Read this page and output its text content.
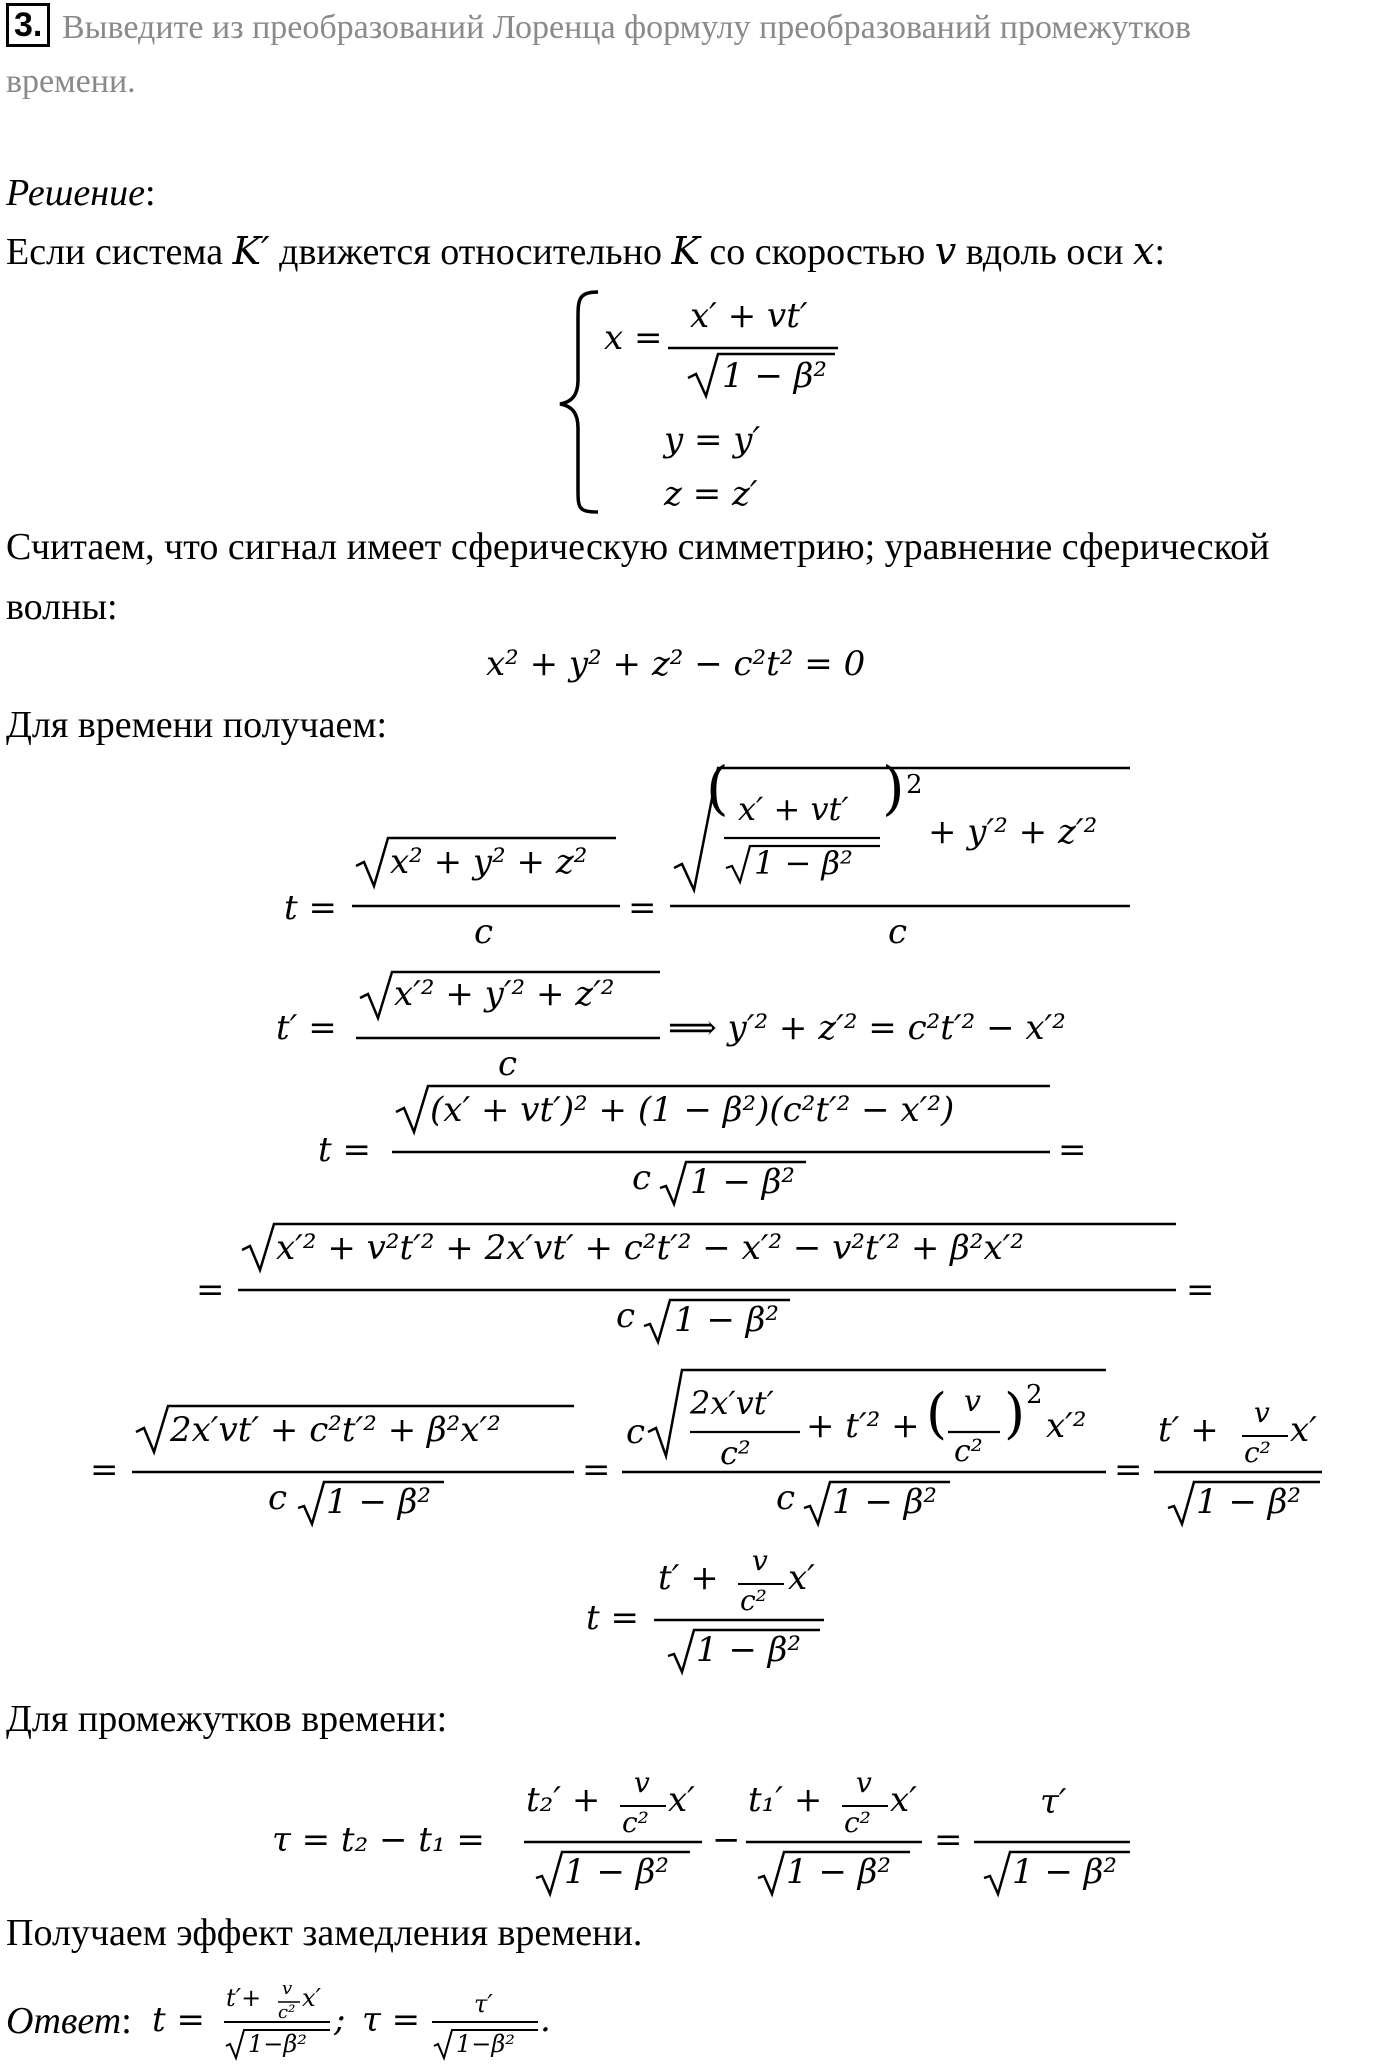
3. Выведите из преобразований Лоренца формулу преобразований промежутков
времени.
Решение:
Если система K′ движется относительно K со скоростью v вдоль оси x:
x =
x′ + vt′
1 − β²
y = y′
z = z′
Считаем, что сигнал имеет сферическую симметрию; уравнение сферической
волны:
x² + y² + z² − c²t² = 0
Для времени получаем:
t =
x² + y² + z²
c
=
( x′ + vt′
1 − β²
) 2
+ y′² + z′²
c
t′ =
x′² + y′² + z′²
c
⟹ y′² + z′² = c²t′² − x′²
t =
(x′ + vt′)² + (1 − β²)(c²t′² − x′²)
c 1 − β²
=
=
x′² + v²t′² + 2x′vt′ + c²t′² − x′² − v²t′² + β²x′²
c 1 − β²
=
=
2x′vt′ + c²t′² + β²x′²
c 1 − β²
=
c
2x′vt′
c²
+ t′² + ( v
c²
) 2
x′²
c 1 − β²
=
t′ + v
c²
x′
1 − β²
t =
t′ + v
c²
x′
1 − β²
Для промежутков времени:
τ = t₂ − t₁ =
t₂′ + v
c²
x′
1 − β²
−
t₁′ + v
c²
x′
1 − β²
=
τ′
1 − β²
Получаем эффект замедления времени.
Ответ: t =
t′+ v
c²
x′
1−β²
; τ = τ′
1−β²
.
